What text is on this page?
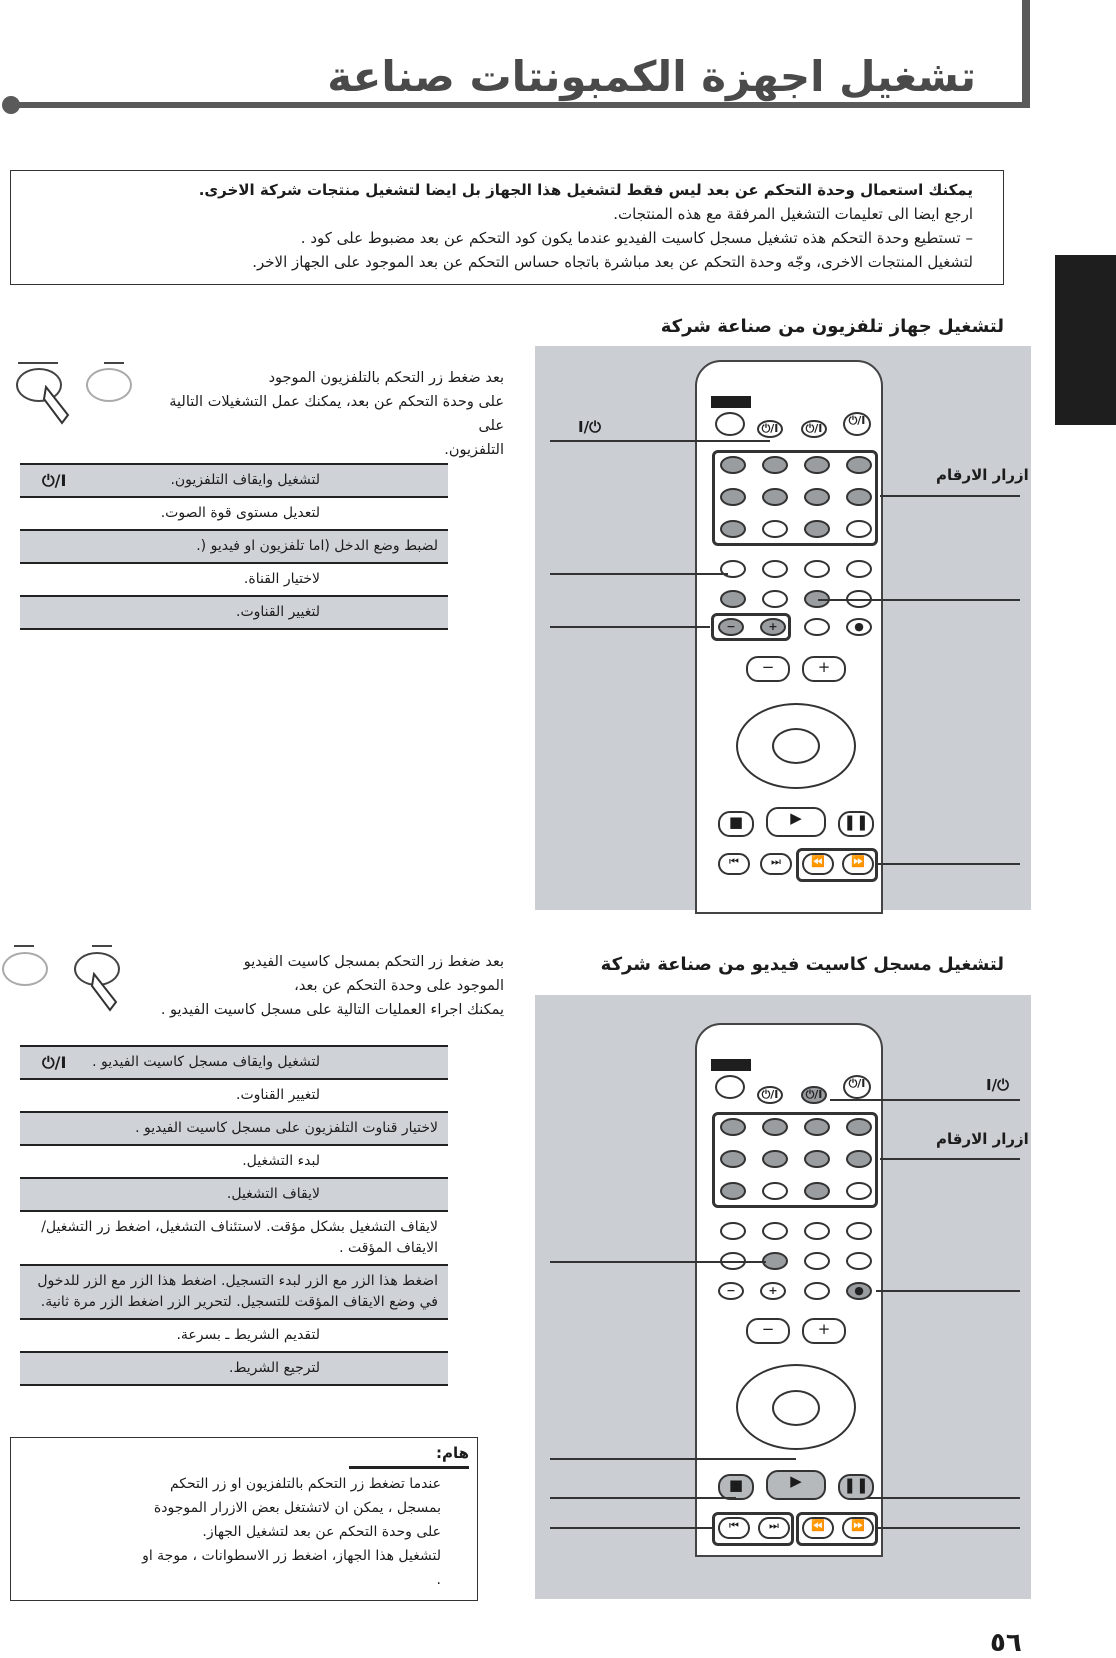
تشغيل اجهزة الكمبونتات صناعة
يمكنك استعمال وحدة التحكم عن بعد ليس فقط لتشغيل هذا الجهاز بل ايضا لتشغيل منتجات شركة الاخرى.
ارجع ايضا الى تعليمات التشغيل المرفقة مع هذه المنتجات.
– تستطيع وحدة التحكم هذه تشغيل مسجل كاسيت الفيديو عندما يكون كود التحكم عن بعد مضبوط على كود .
لتشغيل المنتجات الاخرى، وجّه وحدة التحكم عن بعد مباشرة باتجاه حساس التحكم عن بعد الموجود على الجهاز الاخر.
لتشغيل جهاز تلفزيون من صناعة شركة
بعد ضغط زر التحكم بالتلفزيون الموجود
على وحدة التحكم عن بعد، يمكنك عمل التشغيلات التالية على
التلفزيون.
⏻/I	لتشغيل وايقاف التلفزيون.
لتعديل مستوى قوة الصوت.
لضبط وضع الدخل (اما تلفزيون او فيديو (.
لاختيار القناة.
لتغيير القناوت.
⏻/I	⏻/I
⏻/I
−	+	●
−	+
■	▶	❚❚
⏮	⏭	⏪	⏩
⏻/I
ازرار الارقام
لتشغيل مسجل كاسيت فيديو من صناعة شركة
بعد ضغط زر التحكم بمسجل كاسيت الفيديو
الموجود على وحدة التحكم عن بعد،
يمكنك اجراء العمليات التالية على مسجل كاسيت الفيديو .
⏻/I	لتشغيل وايقاف مسجل كاسيت الفيديو .
لتغيير القناوت.
لاختيار قناوت التلفزيون على مسجل كاسيت الفيديو .
لبدء التشغيل.
لايقاف التشغيل.
لايقاف التشغيل بشكل مؤقت. لاستئناف التشغيل، اضغط زر التشغيل/الايقاف المؤقت .
اضغط هذا الزر مع الزر لبدء التسجيل. اضغط هذا الزر مع الزر للدخول في وضع الايقاف المؤقت للتسجيل. لتحرير الزر اضغط الزر مرة ثانية.
لتقديم الشريط ـ بسرعة.
لترجيع الشريط.
⏻/I	⏻/I
⏻/I
−	+	●
−	+
■	▶	❚❚
⏮	⏭	⏪	⏩
⏻/I
ازرار الارقام
هام:
عندما تضغط زر التحكم بالتلفزيون او زر التحكم
بمسجل ، يمكن ان لاتشتغل بعض الازرار الموجودة
على وحدة التحكم عن بعد لتشغيل الجهاز.
لتشغيل هذا الجهاز، اضغط زر الاسطوانات ، موجة او
.
٥٦
